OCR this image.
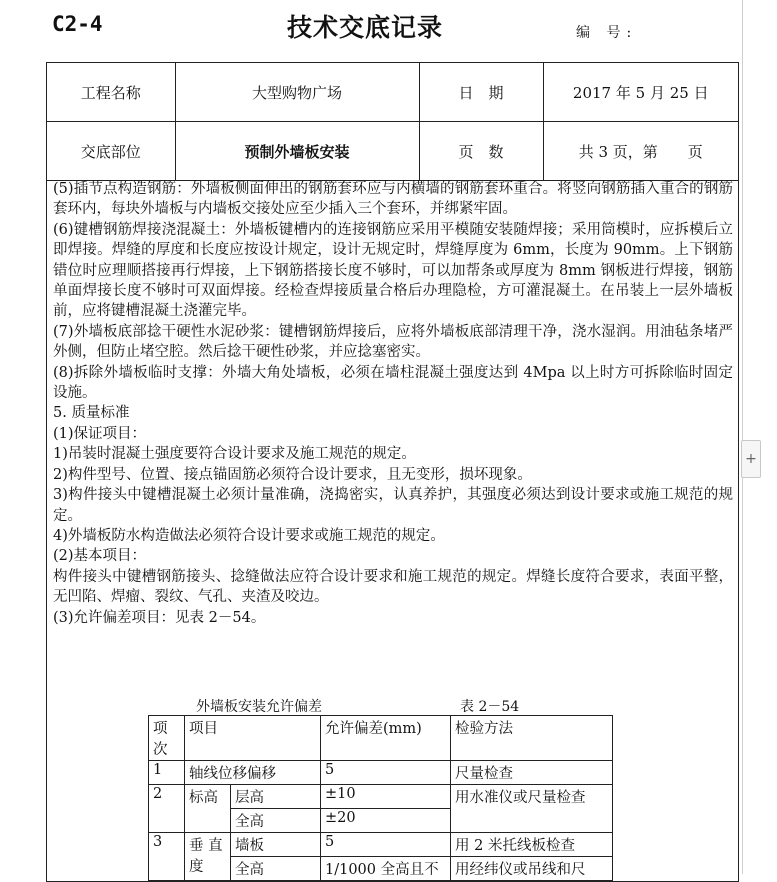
+
C2-4	技术交底记录	编 号:
工程名称	大型购物广场	日　期	2017 年 5 月 25 日
交底部位	预制外墙板安装	页　数	共 3 页，第　　页

(5)插节点构造钢筋：外墙板侧面伸出的钢筋套环应与内横墙的钢筋套环重合。将竖向钢筋插入重合的钢筋套环内，每块外墙板与内墙板交接处应至少插入三个套环，并绑紧牢固。

(6)键槽钢筋焊接浇混凝土：外墙板键槽内的连接钢筋应采用平模随安装随焊接；采用筒模时，应拆模后立即焊接。焊缝的厚度和长度应按设计规定，设计无规定时，焊缝厚度为 6mm，长度为 90mm。上下钢筋错位时应理顺搭接再行焊接，上下钢筋搭接长度不够时，可以加帮条或厚度为 8mm 钢板进行焊接，钢筋单面焊接长度不够时可双面焊接。经检查焊接质量合格后办理隐检，方可灌混凝土。在吊装上一层外墙板前，应将键槽混凝土浇灌完毕。

(7)外墙板底部捻干硬性水泥砂浆：键槽钢筋焊接后，应将外墙板底部清理干净，浇水湿润。用油毡条堵严外侧，但防止堵空腔。然后捻干硬性砂浆，并应捻塞密实。

(8)拆除外墙板临时支撑：外墙大角处墙板，必须在墙柱混凝土强度达到 4Mpa 以上时方可拆除临时固定设施。

5. 质量标准

(1)保证项目：

1)吊装时混凝土强度要符合设计要求及施工规范的规定。

2)构件型号、位置、接点锚固筋必须符合设计要求，且无变形，损坏现象。

3)构件接头中键槽混凝土必须计量准确，浇捣密实，认真养护，其强度必须达到设计要求或施工规范的规定。

4)外墙板防水构造做法必须符合设计要求或施工规范的规定。

(2)基本项目：

构件接头中键槽钢筋接头、捻缝做法应符合设计要求和施工规范的规定。焊缝长度符合要求，表面平整，无凹陷、焊瘤、裂纹、气孔、夹渣及咬边。

(3)允许偏差项目：见表 2－54。

外墙板安装允许偏差	表 2－54
项次	项目		允许偏差(mm)	检验方法
1	轴线位移偏移		5	尺量检查
2	标高	层高	±10	用水准仪或尺量检查
		全高	±20	
3	垂 直 度	墙板	5	用 2 米托线板检查
		全高	1/1000 全高且不	用经纬仪或吊线和尺
